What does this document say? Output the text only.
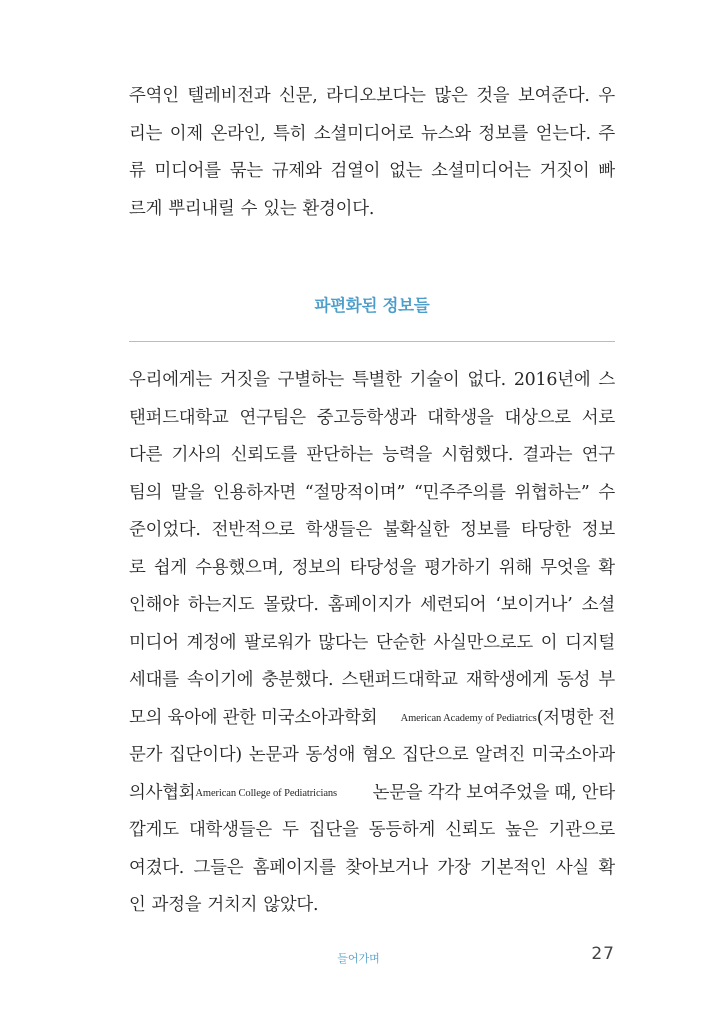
주역인 텔레비전과 신문, 라디오보다는 많은 것을 보여준다. 우
리는 이제 온라인, 특히 소셜미디어로 뉴스와 정보를 얻는다. 주
류 미디어를 묶는 규제와 검열이 없는 소셜미디어는 거짓이 빠
르게 뿌리내릴 수 있는 환경이다.
파편화된 정보들
우리에게는 거짓을 구별하는 특별한 기술이 없다. 2016년에 스
탠퍼드대학교 연구팀은 중고등학생과 대학생을 대상으로 서로
다른 기사의 신뢰도를 판단하는 능력을 시험했다. 결과는 연구
팀의 말을 인용하자면 “절망적이며” “민주주의를 위협하는” 수
준이었다. 전반적으로 학생들은 불확실한 정보를 타당한 정보
로 쉽게 수용했으며, 정보의 타당성을 평가하기 위해 무엇을 확
인해야 하는지도 몰랐다. 홈페이지가 세련되어 ‘보이거나’ 소셜
미디어 계정에 팔로워가 많다는 단순한 사실만으로도 이 디지털
세대를 속이기에 충분했다. 스탠퍼드대학교 재학생에게 동성 부
모의 육아에 관한 미국소아과학회 American Academy of Pediatrics(저명한 전
문가 집단이다) 논문과 동성애 혐오 집단으로 알려진 미국소아과
의사협회American College of Pediatricians 논문을 각각 보여주었을 때, 안타
깝게도 대학생들은 두 집단을 동등하게 신뢰도 높은 기관으로
여겼다. 그들은 홈페이지를 찾아보거나 가장 기본적인 사실 확
인 과정을 거치지 않았다.
들어가며	27
